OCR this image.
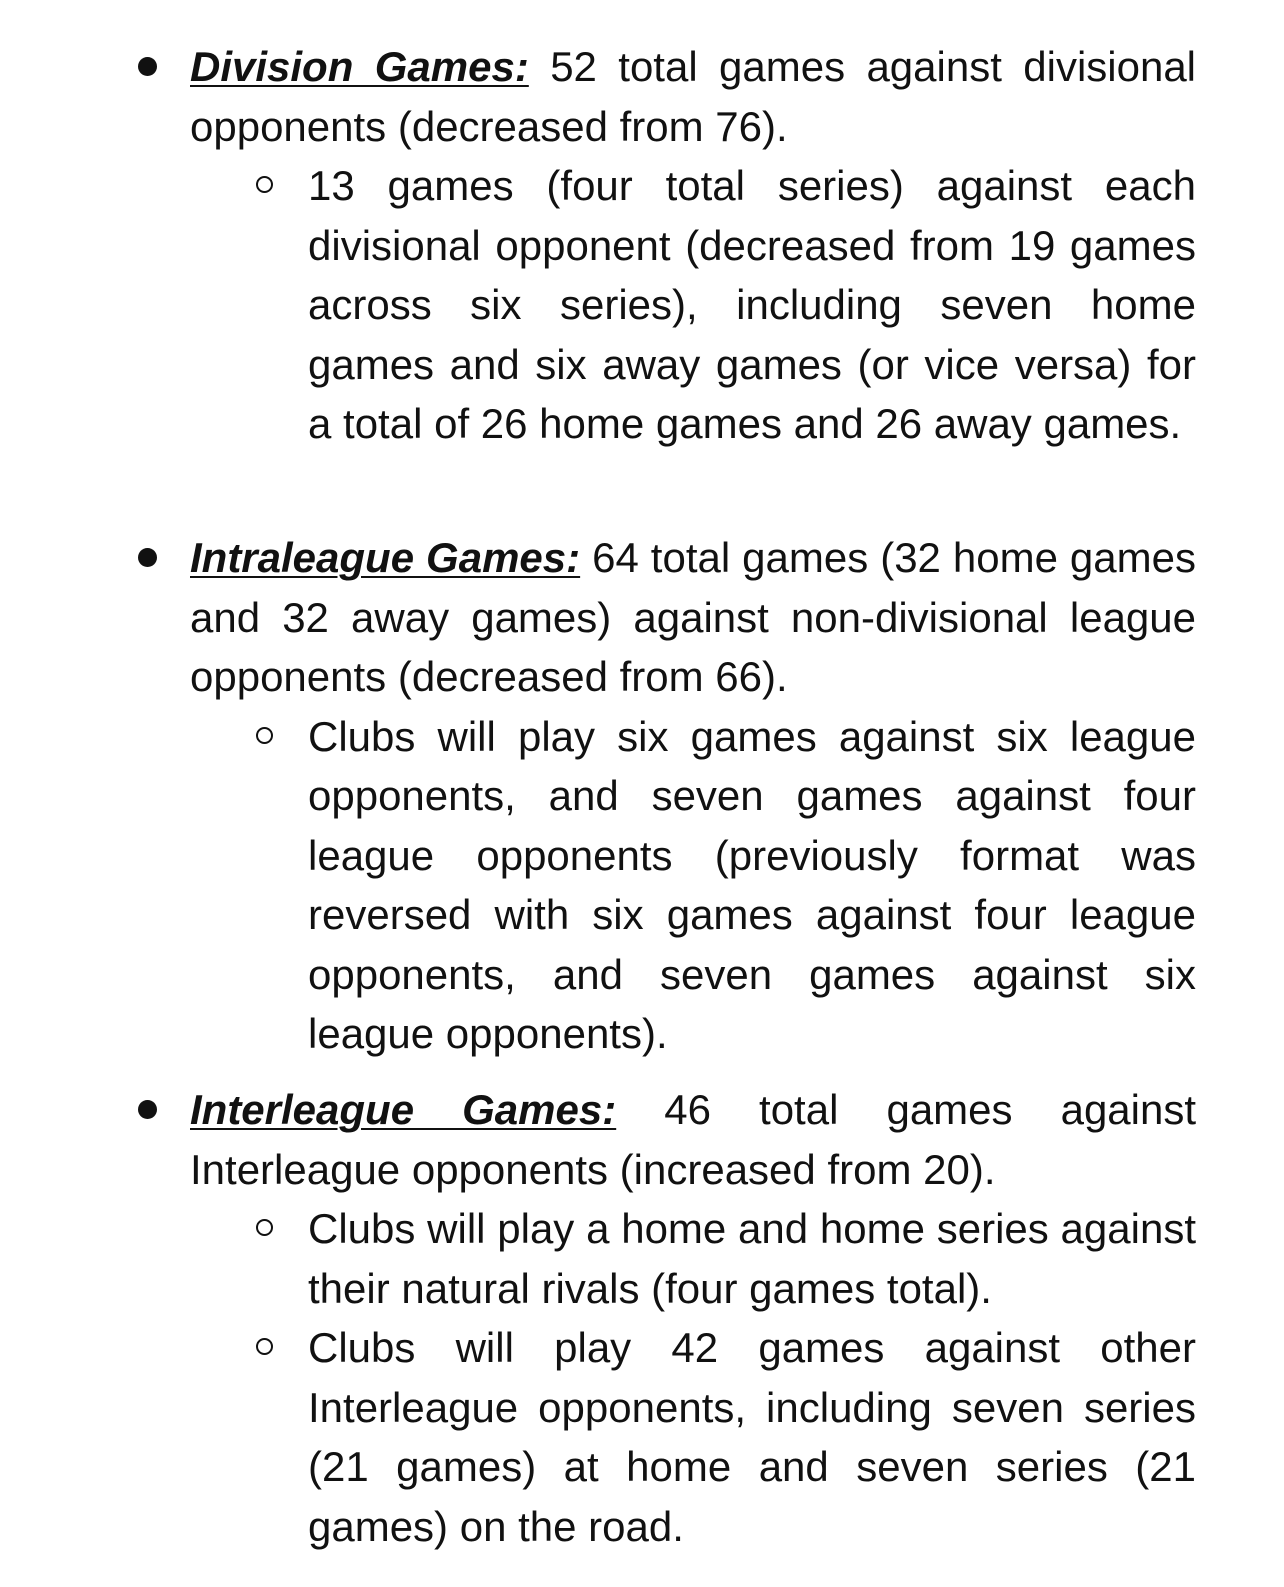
Division Games: 52 total games against divisional opponents (decreased from 76).

13 games (four total series) against each divisional opponent (decreased from 19 games across six series), including seven home games and six away games (or vice versa) for a total of 26 home games and 26 away games.

Intraleague Games: 64 total games (32 home games and 32 away games) against non-divisional league opponents (decreased from 66).

Clubs will play six games against six league opponents, and seven games against four league opponents (previously format was reversed with six games against four league opponents, and seven games against six league opponents).

Interleague Games: 46 total games against Interleague opponents (increased from 20).

Clubs will play a home and home series against their natural rivals (four games total).
Clubs will play 42 games against other Interleague opponents, including seven series (21 games) at home and seven series (21 games) on the road.
